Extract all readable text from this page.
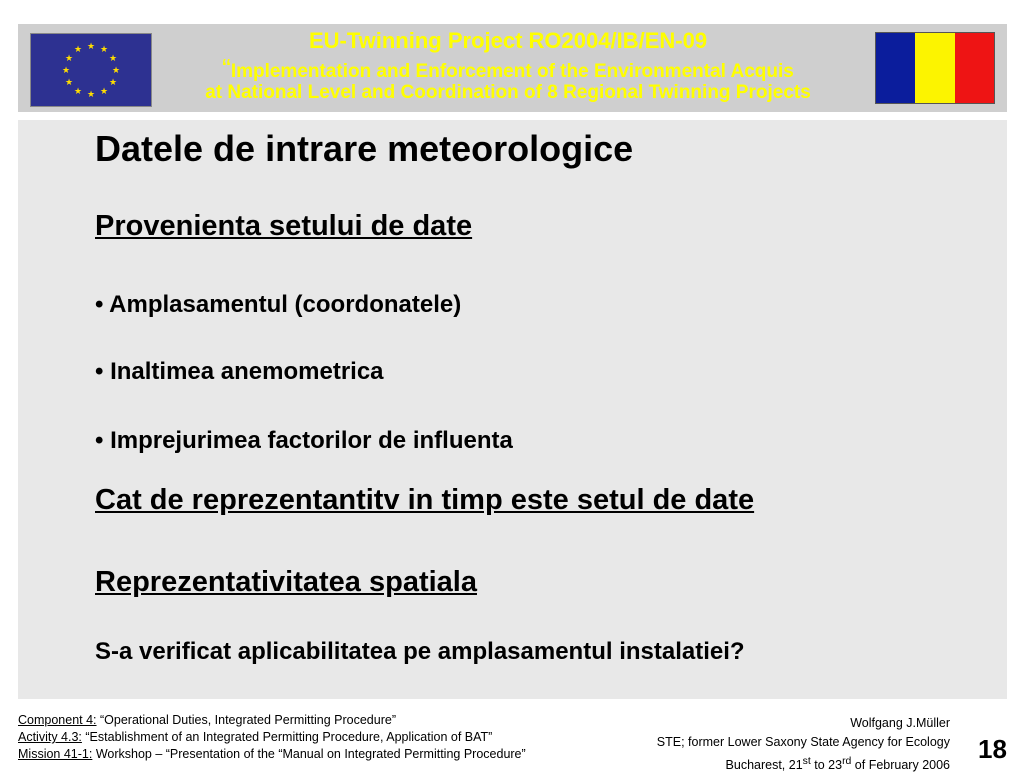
★ ★
★
★
★
★
★
★
★
★
★
★	EU-Twinning Project RO2004/IB/EN-09
“Implementation and Enforcement of the Environmental Acquis
at National Level and Coordination of 8 Regional Twinning Projects
Datele de intrare meteorologice
Provenienta setului de date
• Amplasamentul (coordonatele)
• Inaltimea anemometrica
• Imprejurimea factorilor de influenta
Cat de reprezentantitv in timp este setul de date
Reprezentativitatea spatiala
S-a verificat aplicabilitatea pe amplasamentul instalatiei?
Component 4: “Operational Duties, Integrated Permitting Procedure”
Activity 4.3: “Establishment of an Integrated Permitting Procedure, Application of BAT”
Mission 41-1: Workshop – “Presentation of the “Manual on Integrated Permitting Procedure”
Wolfgang J.Müller
STE; former Lower Saxony State Agency for Ecology
Bucharest, 21st to 23rd of February 2006
18
